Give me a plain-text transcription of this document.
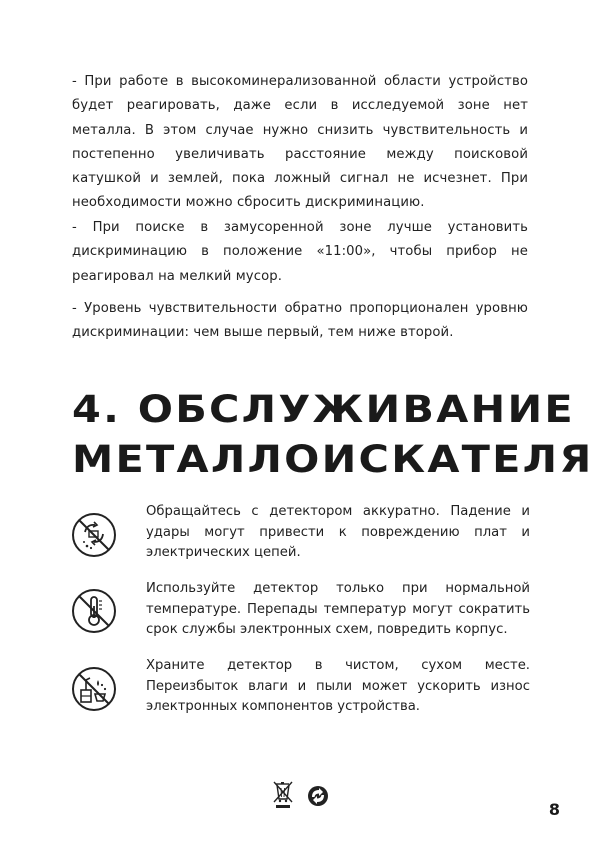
- При работе в высокоминерализованной области устройство будет реагировать, даже если в исследуемой зоне нет металла. В этом случае нужно снизить чувствительность и постепенно увеличивать расстояние между поисковой катушкой и землей, пока ложный сигнал не исчезнет. При необходимости можно сбросить дискриминацию.

- При поиске в замусоренной зоне лучше установить дискриминацию в положение «11:00», чтобы прибор не реагировал на мелкий мусор.

- Уровень чувствительности обратно пропорционален уровню дискриминации: чем выше первый, тем ниже второй.

4. ОБСЛУЖИВАНИЕ
МЕТАЛЛОИСКАТЕЛЯ

Обращайтесь с детектором аккуратно. Падение и удары могут привести к повреждению плат и электрических цепей.

Используйте детектор только при нормальной температуре. Перепады температур могут сократить срок службы электронных схем, повредить корпус.

Храните детектор в чистом, сухом месте. Переизбыток влаги и пыли может ускорить износ электронных компонентов устройства.

8
